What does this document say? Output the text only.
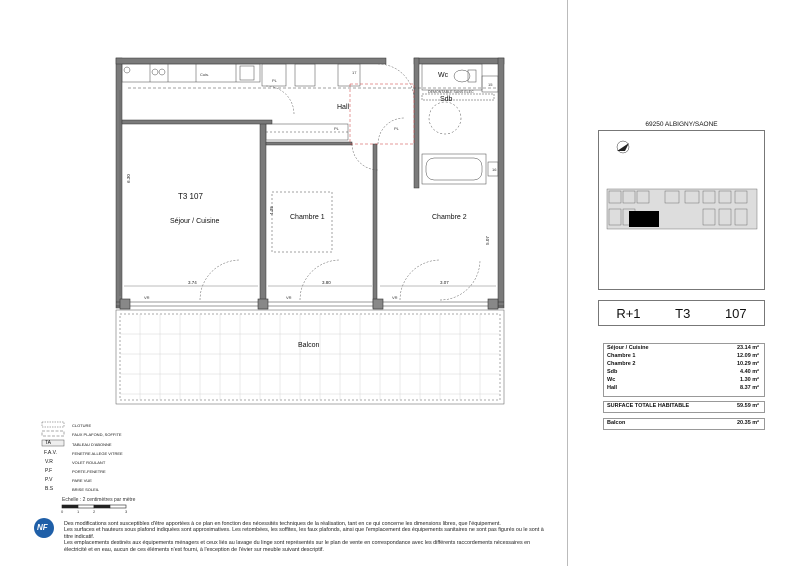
T3 107
Séjour / Cuisine
Chambre 1	Chambre 2
Hall
Sdb
Wc
Balcon
PL
PL	PL
17
15
16
DEMONTABLE SANS ELEC
Cuis.
3.74	3.80	3.07
6.30
4.35
5.07
VR	VR	VR
CLOTURE
FAUX PLAFOND, SOFFITE
TA	TABLEAU D'ABONNE
F.A.V.	FENETRE ALLEGE VITREE
V.R	VOLET ROULANT
P.F	PORTE-FENETRE
P.V	PARE VUE
B.S	BRISE SOLEIL
Echelle : 2 centimètres par mètre
0	1	2	3
NF	Des modifications sont susceptibles d'être apportées à ce plan en fonction des nécessités techniques de la réalisation, tant en ce qui concerne les dimensions libres, que l'équipement.
Les surfaces et hauteurs sous plafond indiquées sont approximatives. Les retombées, les soffites, les faux plafonds, ainsi que l'emplacement des équipements sanitaires ne sont pas figurés ou le sont à titre indicatif.
Les emplacements destinés aux équipements ménagers et ceux liés au lavage du linge sont représentés sur le plan de vente en correspondance avec les différents raccordements nécessaires en électricité et en eau, aucun de ces éléments n'est fourni, à l'exception de l'évier sur meuble suivant descriptif.
69250 ALBIGNY/SAONE
R+1	T3	107
Séjour / Cuisine	23.14 m²
Chambre 1	12.09 m²
Chambre 2	10.29 m²
Sdb	4.40 m²
Wc	1.30 m²
Hall	8.37 m²
SURFACE TOTALE HABITABLE	59.59 m²
Balcon	20.35 m²
